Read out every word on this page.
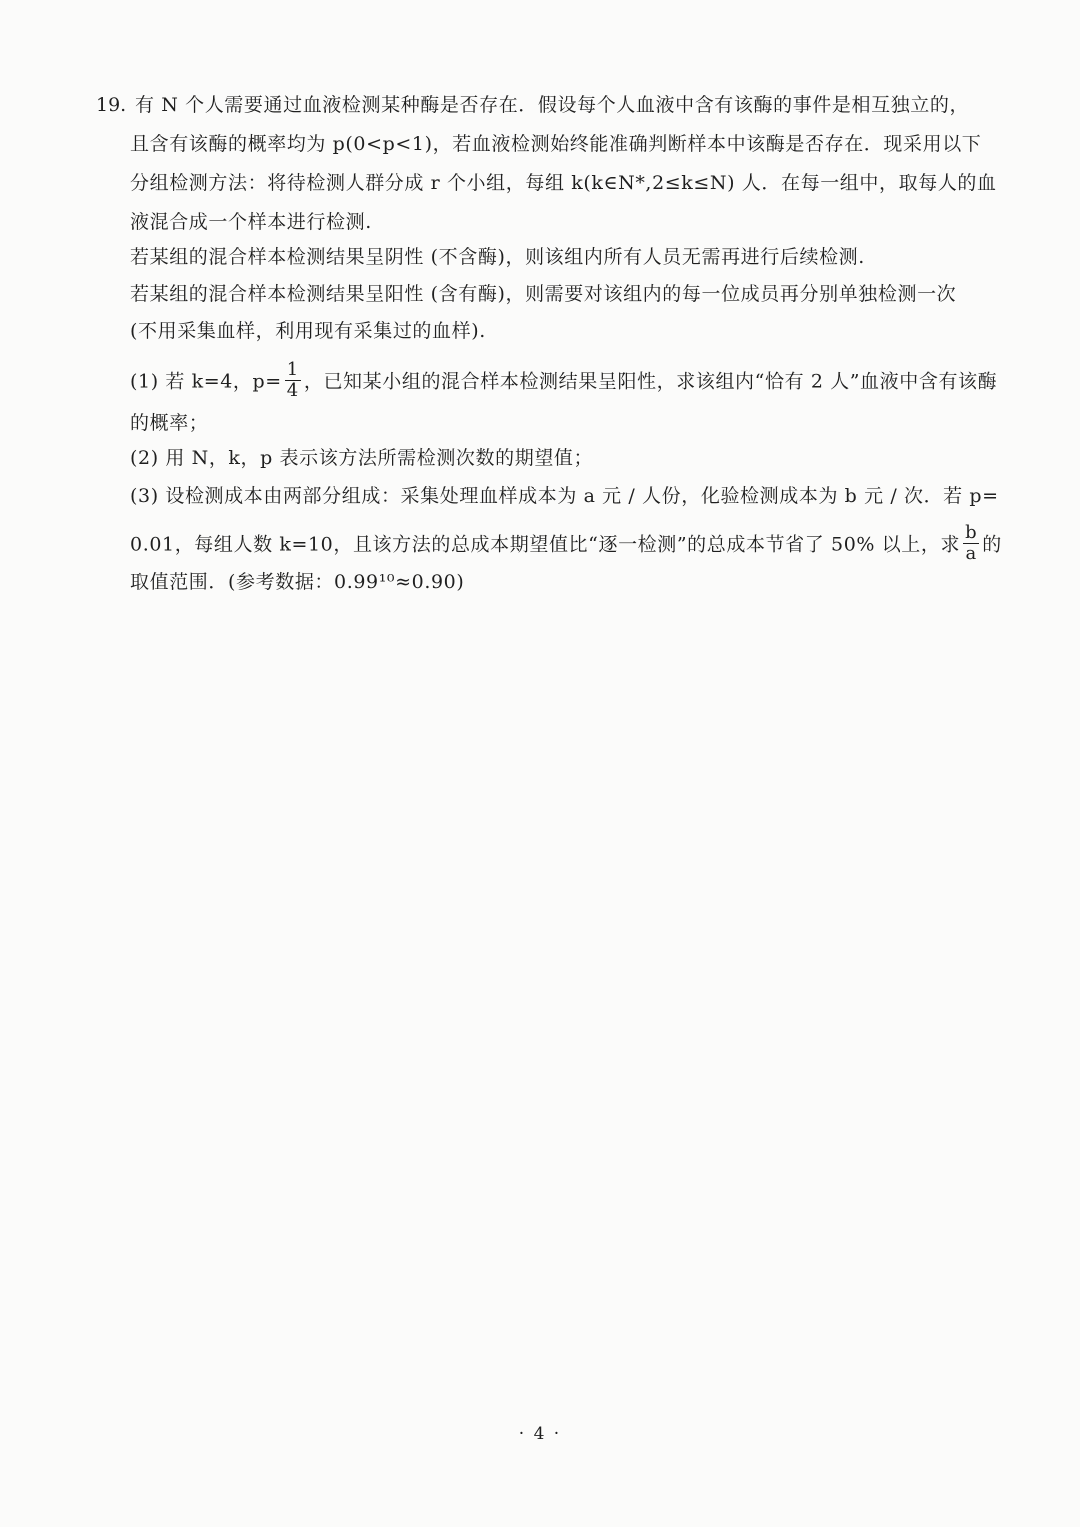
19. 有 N 个人需要通过血液检测某种酶是否存在．假设每个人血液中含有该酶的事件是相互独立的，
且含有该酶的概率均为 p(0<p<1)，若血液检测始终能准确判断样本中该酶是否存在．现采用以下
分组检测方法：将待检测人群分成 r 个小组，每组 k(k∈N*,2≤k≤N) 人．在每一组中，取每人的血
液混合成一个样本进行检测.
若某组的混合样本检测结果呈阴性 (不含酶)，则该组内所有人员无需再进行后续检测.
若某组的混合样本检测结果呈阳性 (含有酶)，则需要对该组内的每一位成员再分别单独检测一次
(不用采集血样，利用现有采集过的血样).
(1) 若 k=4，$p= \frac{1}{4}$ ，已知某小组的混合样本检测结果呈阳性，求该组内“恰有 2 人”血液中含有该酶
的概率；
(2) 用 N，k，p 表示该方法所需检测次数的期望值；
(3) 设检测成本由两部分组成：采集处理血样成本为 a 元 / 人份，化验检测成本为 b 元 / 次．若 p=
0.01，每组人数 k=10，且该方法的总成本期望值比“逐一检测”的总成本节省了 50% 以上，求 $\frac{b}{a}$ 的
取值范围．(参考数据：0.99¹⁰≈0.90)
· 4 ·
